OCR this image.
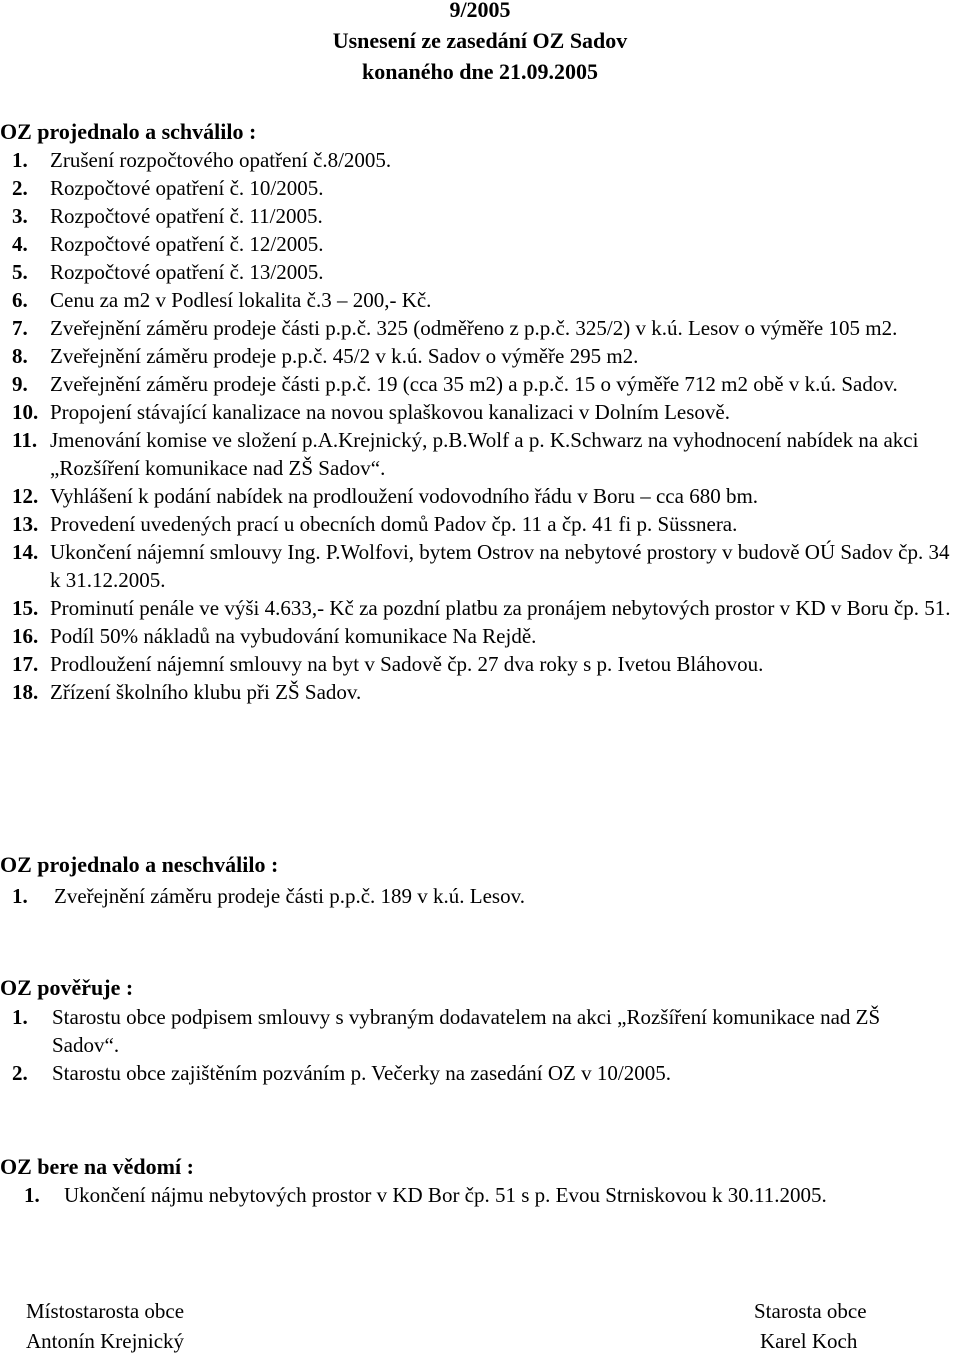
9/2005
Usnesení ze zasedání OZ Sadov
konaného dne 21.09.2005
OZ projednalo a schválilo :
1.	Zrušení rozpočtového opatření č.8/2005.
2.	Rozpočtové opatření č. 10/2005.
3.	Rozpočtové opatření č. 11/2005.
4.	Rozpočtové opatření č. 12/2005.
5.	Rozpočtové opatření č. 13/2005.
6.	Cenu za m2 v Podlesí lokalita č.3 – 200,- Kč.
7.	Zveřejnění záměru prodeje části p.p.č. 325 (odměřeno z p.p.č. 325/2) v k.ú. Lesov o výměře 105 m2.
8.	Zveřejnění záměru prodeje p.p.č. 45/2 v k.ú. Sadov o výměře 295 m2.
9.	Zveřejnění záměru prodeje části p.p.č. 19 (cca 35 m2) a p.p.č. 15 o výměře 712 m2 obě v k.ú. Sadov.
10. Propojení stávající kanalizace na novou splaškovou kanalizaci v Dolním Lesově.
11. Jmenování komise ve složení p.A.Krejnický, p.B.Wolf a p. K.Schwarz na vyhodnocení nabídek na akci „Rozšíření komunikace nad ZŠ Sadov“.
12. Vyhlášení k podání nabídek na prodloužení vodovodního řádu v Boru – cca 680 bm.
13. Provedení uvedených prací u obecních domů Padov čp. 11 a čp. 41 fi p. Süssnera.
14. Ukončení nájemní smlouvy Ing. P.Wolfovi, bytem Ostrov na nebytové prostory v budově OÚ Sadov čp. 34 k 31.12.2005.
15. Prominutí penále ve výši 4.633,- Kč za pozdní platbu za pronájem nebytových prostor v KD v Boru čp. 51.
16. Podíl 50% nákladů na vybudování komunikace Na Rejdě.
17. Prodloužení nájemní smlouvy na byt v Sadově čp. 27 dva roky s p. Ivetou Bláhovou.
18. Zřízení školního klubu při ZŠ Sadov.
OZ projednalo a neschválilo :
1.	Zveřejnění záměru prodeje části p.p.č. 189 v k.ú. Lesov.
OZ pověřuje :
1.	Starostu obce podpisem smlouvy s vybraným dodavatelem na akci „Rozšíření komunikace nad ZŠ Sadov“.
2.	Starostu obce zajištěním pozváním p. Večerky na zasedání OZ v 10/2005.
OZ bere na vědomí :
1.	Ukončení nájmu nebytových prostor v KD Bor čp. 51 s p. Evou Strniskovou k 30.11.2005.
Místostarosta obce
Antonín Krejnický
Starosta obce
Karel Koch
